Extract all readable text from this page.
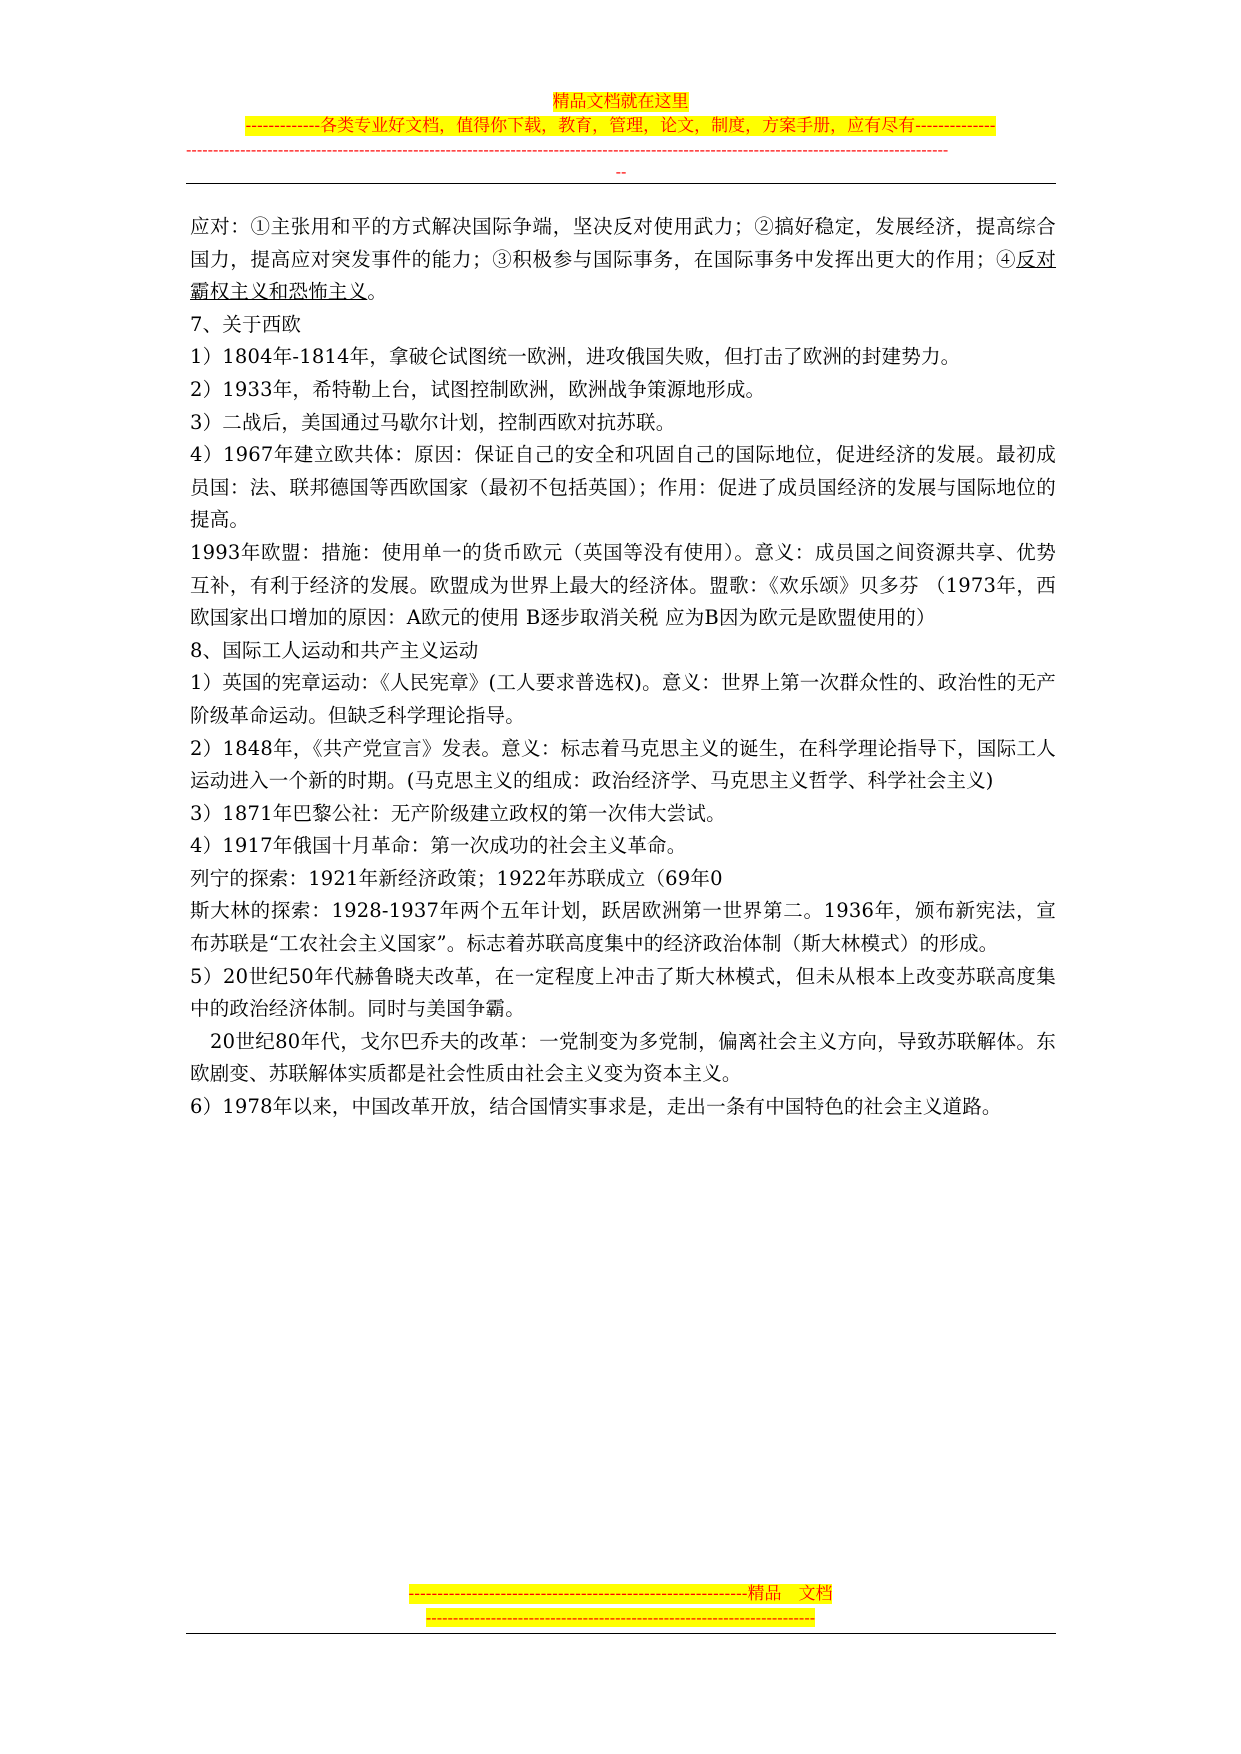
精品文档就在这里
-------------各类专业好文档，值得你下载，教育，管理，论文，制度，方案手册，应有尽有--------------
---------------------------------------------------------------------------------------------------------------------------------------------
--

应对：①主张用和平的方式解决国际争端，坚决反对使用武力；②搞好稳定，发展经济，提高综合国力，提高应对突发事件的能力；③积极参与国际事务，在国际事务中发挥出更大的作用；④反对霸权主义和恐怖主义。

7、关于西欧

1）1804年-1814年，拿破仑试图统一欧洲，进攻俄国失败，但打击了欧洲的封建势力。

2）1933年，希特勒上台，试图控制欧洲，欧洲战争策源地形成。

3）二战后，美国通过马歇尔计划，控制西欧对抗苏联。

4）1967年建立欧共体：原因：保证自己的安全和巩固自己的国际地位，促进经济的发展。最初成员国：法、联邦德国等西欧国家（最初不包括英国）；作用：促进了成员国经济的发展与国际地位的提高。

1993年欧盟：措施：使用单一的货币欧元（英国等没有使用）。意义：成员国之间资源共享、优势互补，有利于经济的发展。欧盟成为世界上最大的经济体。盟歌：《欢乐颂》贝多芬 （1973年，西欧国家出口增加的原因：A欧元的使用 B逐步取消关税 应为B因为欧元是欧盟使用的）

8、国际工人运动和共产主义运动

1）英国的宪章运动：《人民宪章》(工人要求普选权)。意义：世界上第一次群众性的、政治性的无产阶级革命运动。但缺乏科学理论指导。

2）1848年，《共产党宣言》发表。意义：标志着马克思主义的诞生，在科学理论指导下，国际工人运动进入一个新的时期。(马克思主义的组成：政治经济学、马克思主义哲学、科学社会主义)

3）1871年巴黎公社：无产阶级建立政权的第一次伟大尝试。

4）1917年俄国十月革命：第一次成功的社会主义革命。

列宁的探索：1921年新经济政策；1922年苏联成立（69年0

斯大林的探索：1928-1937年两个五年计划，跃居欧洲第一世界第二。1936年，颁布新宪法，宣布苏联是“工农社会主义国家”。标志着苏联高度集中的经济政治体制（斯大林模式）的形成。

5）20世纪50年代赫鲁晓夫改革，在一定程度上冲击了斯大林模式，但未从根本上改变苏联高度集中的政治经济体制。同时与美国争霸。

20世纪80年代，戈尔巴乔夫的改革：一党制变为多党制，偏离社会主义方向，导致苏联解体。东欧剧变、苏联解体实质都是社会性质由社会主义变为资本主义。

6）1978年以来，中国改革开放，结合国情实事求是，走出一条有中国特色的社会主义道路。

-----------------------------------------------------------精品　文档
------------------------------------------------------------------------
